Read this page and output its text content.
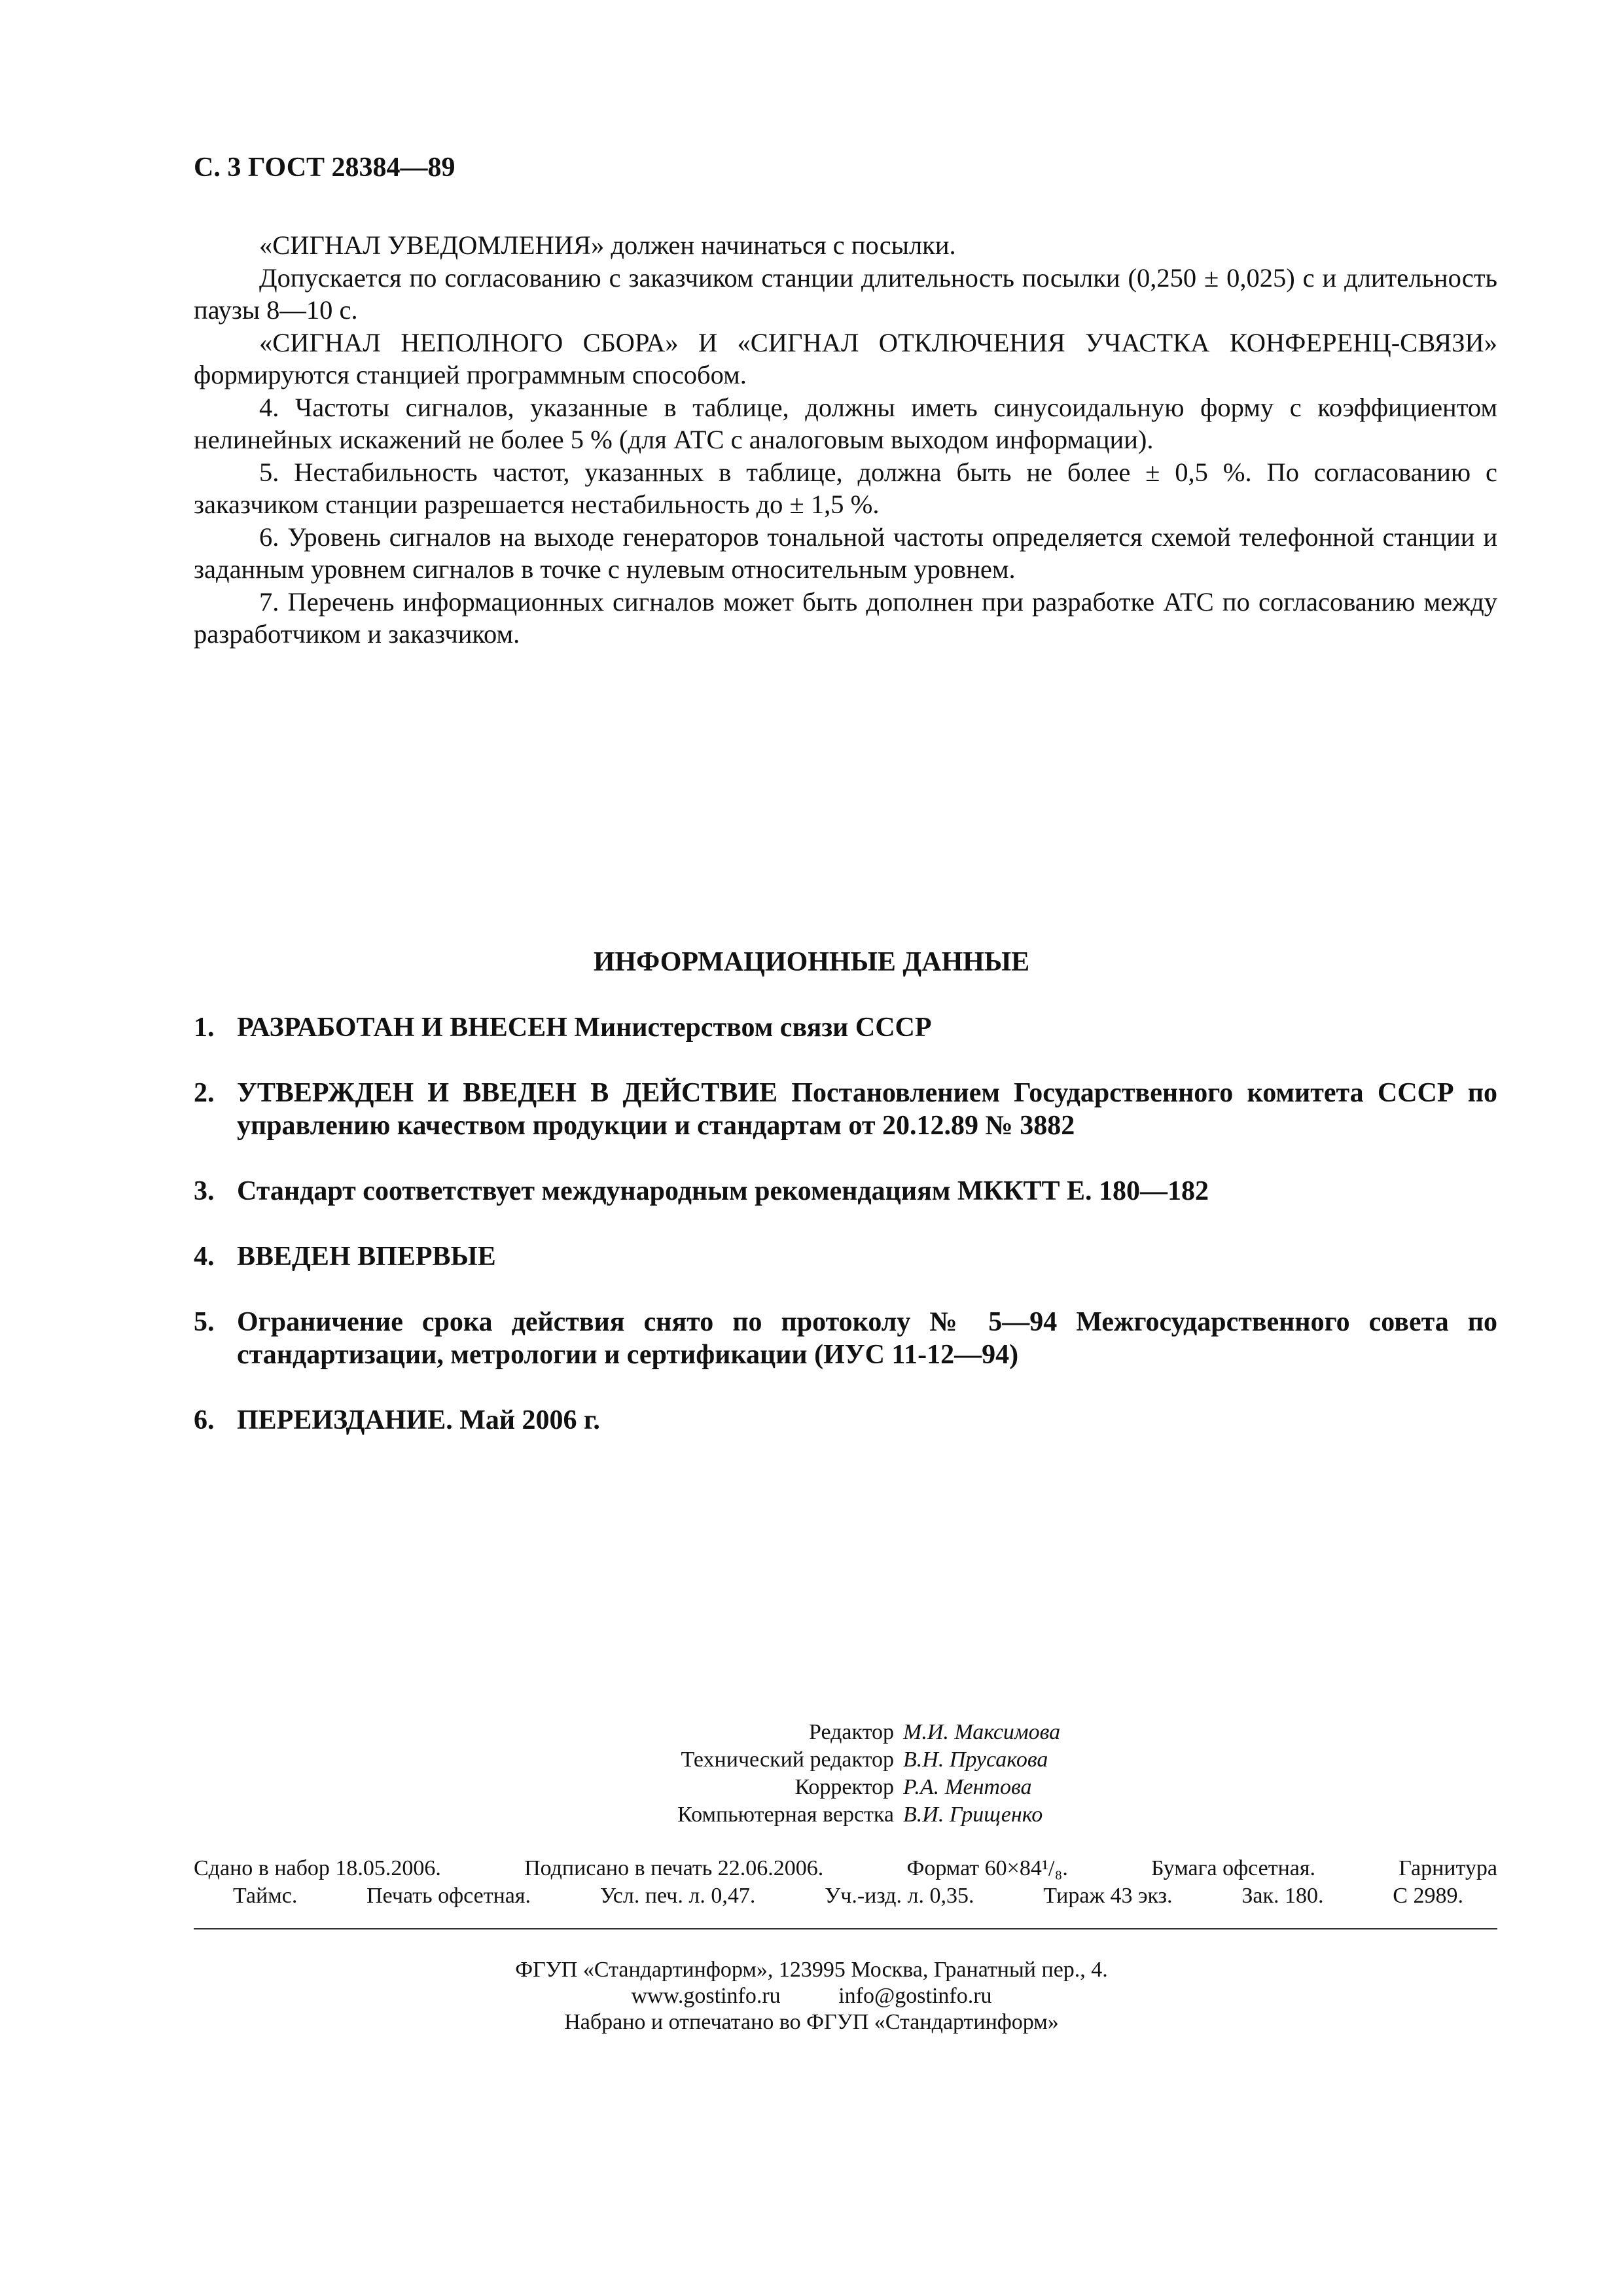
С. 3 ГОСТ 28384—89

«СИГНАЛ УВЕДОМЛЕНИЯ» должен начинаться с посылки.

Допускается по согласованию с заказчиком станции длительность посылки (0,250 ± 0,025) с и длительность паузы 8—10 с.

«СИГНАЛ НЕПОЛНОГО СБОРА» И «СИГНАЛ ОТКЛЮЧЕНИЯ УЧАСТКА КОНФЕРЕНЦ-СВЯЗИ» формируются станцией программным способом.

4. Частоты сигналов, указанные в таблице, должны иметь синусоидальную форму с коэффициентом нелинейных искажений не более 5 % (для АТС с аналоговым выходом информации).

5. Нестабильность частот, указанных в таблице, должна быть не более ± 0,5 %. По согласованию с заказчиком станции разрешается нестабильность до ± 1,5 %.

6. Уровень сигналов на выходе генераторов тональной частоты определяется схемой телефонной станции и заданным уровнем сигналов в точке с нулевым относительным уровнем.

7. Перечень информационных сигналов может быть дополнен при разработке АТС по согласованию между разработчиком и заказчиком.

ИНФОРМАЦИОННЫЕ ДАННЫЕ
1. РАЗРАБОТАН И ВНЕСЕН Министерством связи СССР
2. УТВЕРЖДЕН И ВВЕДЕН В ДЕЙСТВИЕ Постановлением Государственного комитета СССР по управлению качеством продукции и стандартам от 20.12.89 № 3882
3. Стандарт соответствует международным рекомендациям МККТТ Е. 180—182
4. ВВЕДЕН ВПЕРВЫЕ
5. Ограничение срока действия снято по протоколу № 5—94 Межгосударственного совета по стандартизации, метрологии и сертификации (ИУС 11-12—94)
6. ПЕРЕИЗДАНИЕ. Май 2006 г.
Редактор М.И. Максимова
Технический редактор В.Н. Прусакова
Корректор Р.А. Ментова
Компьютерная верстка В.И. Грищенко
Сдано в набор 18.05.2006.	Подписано в печать 22.06.2006.	Формат 60×84¹/₈.	Бумага офсетная.	Гарнитура
Таймс.	Печать офсетная.	Усл. печ. л. 0,47.	Уч.-изд. л. 0,35.	Тираж 43 экз.	Зак. 180.	С 2989.
ФГУП «Стандартинформ», 123995 Москва, Гранатный пер., 4.
www.gostinfo.ru	info@gostinfo.ru
Набрано и отпечатано во ФГУП «Стандартинформ»
